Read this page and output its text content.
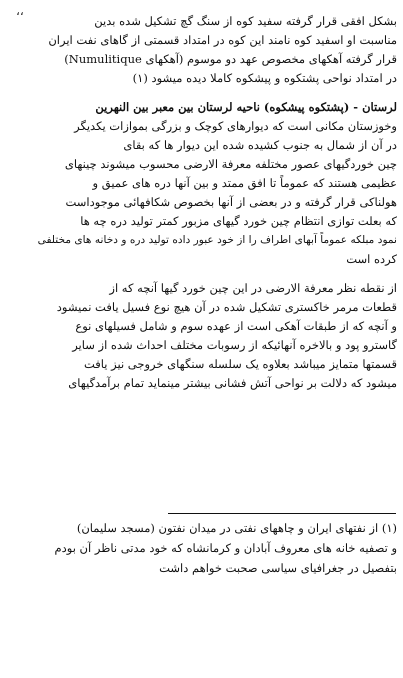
،،
بشکل افقی قرار گرفته سفید کوه از سنگ گچ تشکیل شده بدین
مناسبت او اسفید کوه نامند این کوه در امتداد قسمتی از گاهای نفت ایران
قرار گرفته آهکهای مخصوص عهد دو موسوم (آهکهای Numulitique)
در امتداد نواحی پشتکوه و پیشکوه کاملا دیده میشود (۱)
لرستان - (پشتکوه پیشکوه) ناحیه لرستان بین معبر بین النهرین
وخوزستان مکانی است که دیوارهای کوچک و بزرگی بموازات یکدیگر
در آن از شمال به جنوب کشیده شده این دیوار ها که بقای
چین خوردگیهای عصور مختلفه معرفة الارضی محسوب میشوند چینهای
عظیمی هستند که عموماً تا افق ممتد و بین آنها دره های عمیق و
هولناکی قرار گرفته و در بعضی از آنها بخصوص شکافهائی موجوداست
که بعلت توازی انتظام چین خورد گیهای مزبور کمتر تولید دره چه ها
نمود مبلکه عموماً آبهای اطراف را از خود عبور داده تولید دره و دخانه های مختلفی
کرده است
از نقطه نظر معرفة الارضی در این چین خورد گیها آنچه که از
قطعات مرمر خاکستری تشکیل شده در آن هیچ نوع فسیل یافت نمیشود
و آنچه که از طبقات آهکی است از عهده سوم و شامل فسیلهای نوع
گاسترو پود و بالاخره آنهائیکه از رسوبات مختلف احداث شده از سایر
قسمتها متمایز میباشد بعلاوه یک سلسله سنگهای خروجی نیز یافت
میشود که دلالت بر نواحی آتش فشانی بیشتر مینماید تمام برآمدگیهای
(۱) از نفتهای ایران و چاههای نفتی در میدان نفتون (مسجد سلیمان)
و تصفیه خانه های معروف آبادان و کرمانشاه که خود مدتی ناظر آن بودم
بتفصیل در جغرافیای سیاسی صحبت خواهم داشت
